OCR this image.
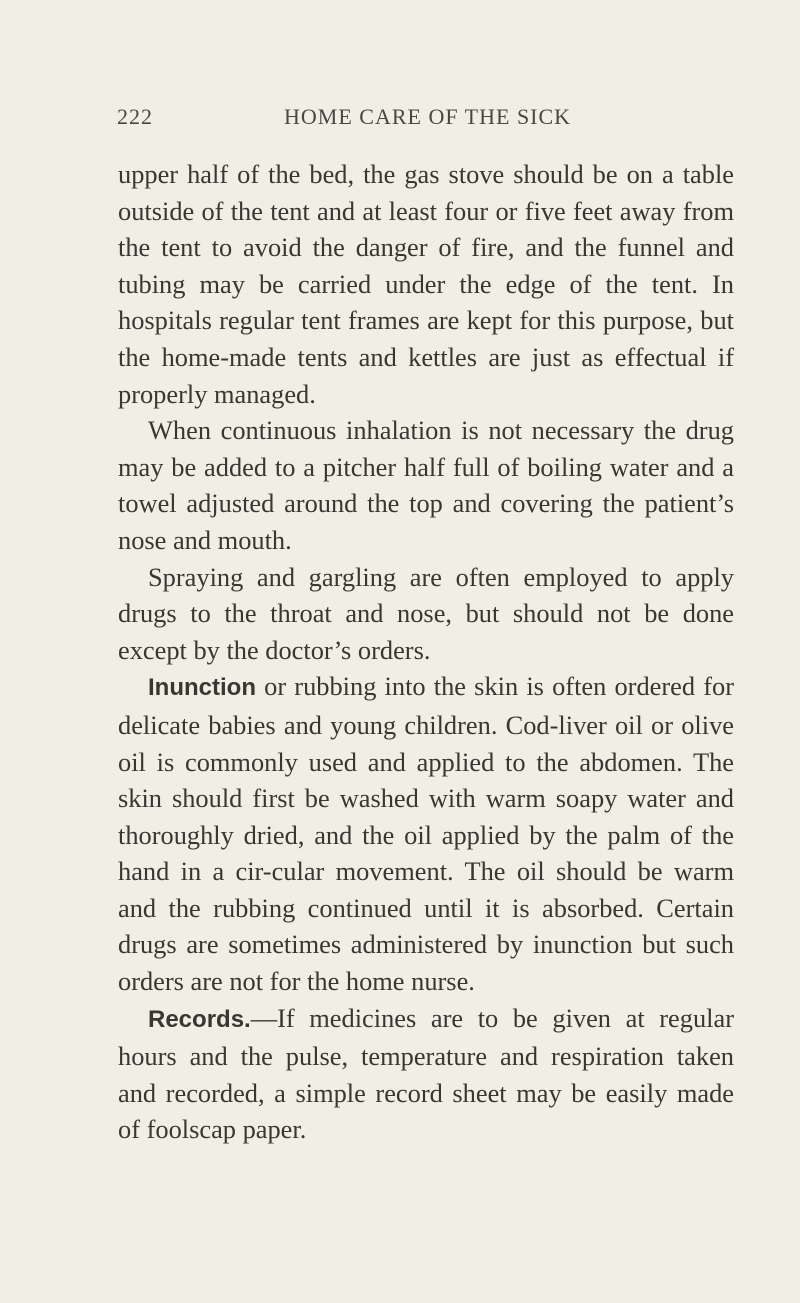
222	HOME CARE OF THE SICK

upper half of the bed, the gas stove should be on a table outside of the tent and at least four or five feet away from the tent to avoid the danger of fire, and the funnel and tubing may be carried under the edge of the tent. In hospitals regular tent frames are kept for this purpose, but the home-made tents and kettles are just as effectual if properly managed.

When continuous inhalation is not necessary the drug may be added to a pitcher half full of boiling water and a towel adjusted around the top and covering the patient’s nose and mouth.

Spraying and gargling are often employed to apply drugs to the throat and nose, but should not be done except by the doctor’s orders.

Inunction or rubbing into the skin is often ordered for delicate babies and young children. Cod-liver oil or olive oil is commonly used and applied to the abdomen. The skin should first be washed with warm soapy water and thoroughly dried, and the oil applied by the palm of the hand in a cir-cular movement. The oil should be warm and the rubbing continued until it is absorbed. Certain drugs are sometimes administered by inunction but such orders are not for the home nurse.

Records.—If medicines are to be given at regular hours and the pulse, temperature and respiration taken and recorded, a simple record sheet may be easily made of foolscap paper.
